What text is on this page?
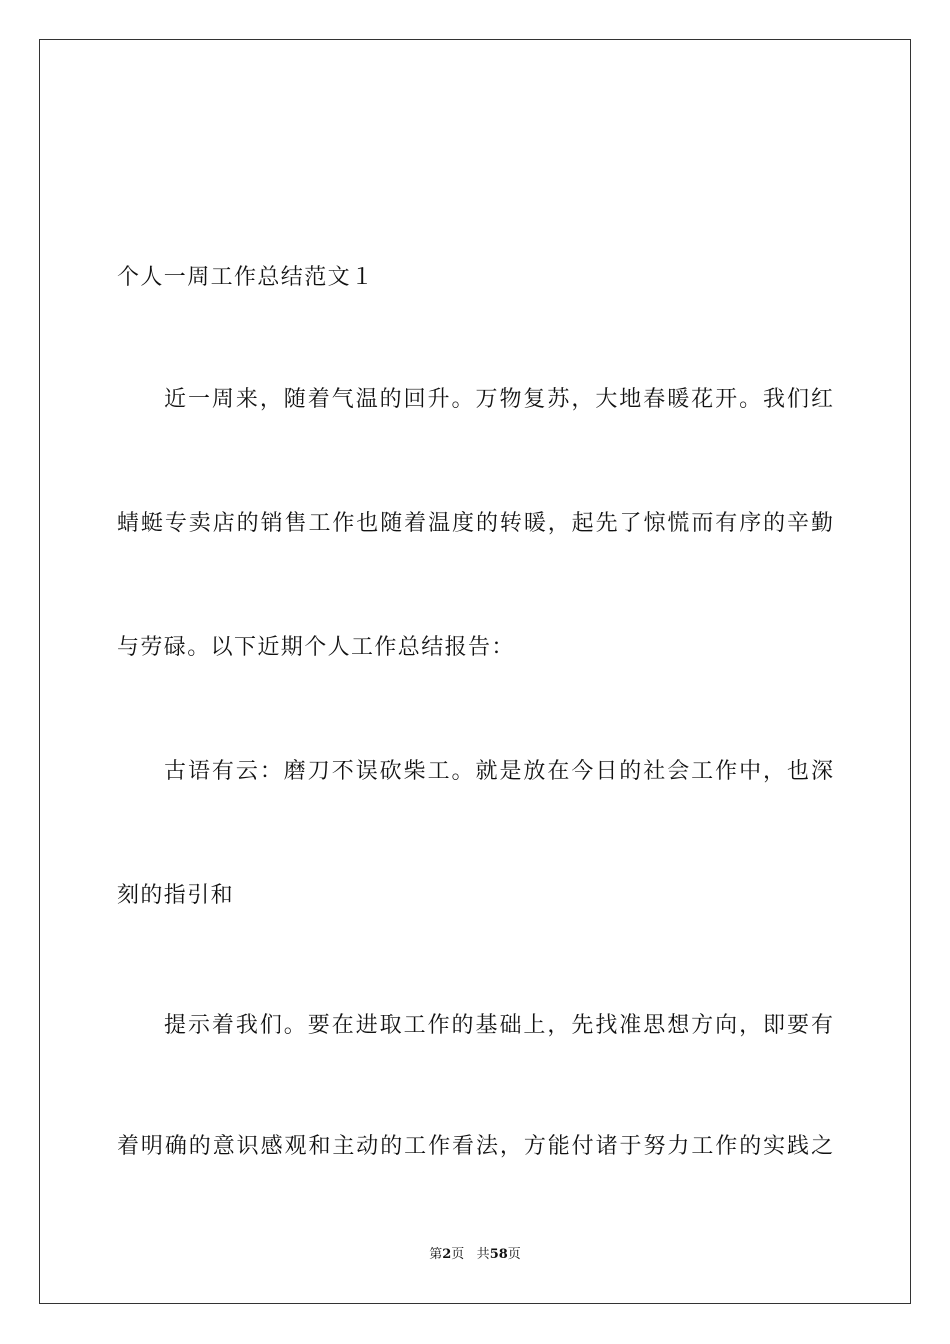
个人一周工作总结范文１
近一周来，随着气温的回升。万物复苏，大地春暖花开。我们红
蜻蜓专卖店的销售工作也随着温度的转暖，起先了惊慌而有序的辛勤
与劳碌。以下近期个人工作总结报告：
古语有云：磨刀不误砍柴工。就是放在今日的社会工作中，也深
刻的指引和
提示着我们。要在进取工作的基础上，先找准思想方向，即要有
着明确的意识感观和主动的工作看法，方能付诸于努力工作的实践之
第2页 共58页
